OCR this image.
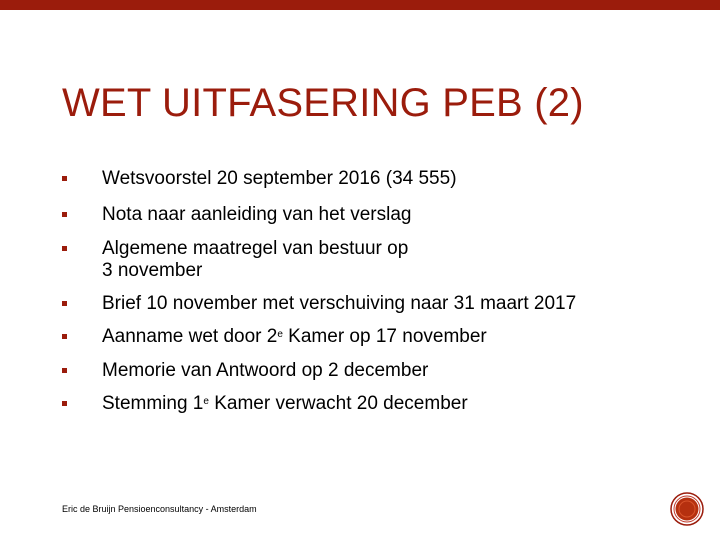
WET UITFASERING PEB (2)
Wetsvoorstel 20 september 2016 (34 555)
Nota naar aanleiding van het verslag
Algemene maatregel van bestuur op
3 november
Brief 10 november met verschuiving naar 31 maart 2017
Aanname wet door 2e Kamer op 17 november
Memorie van Antwoord op 2 december
Stemming 1e Kamer verwacht 20 december
Eric de Bruijn Pensioenconsultancy - Amsterdam
